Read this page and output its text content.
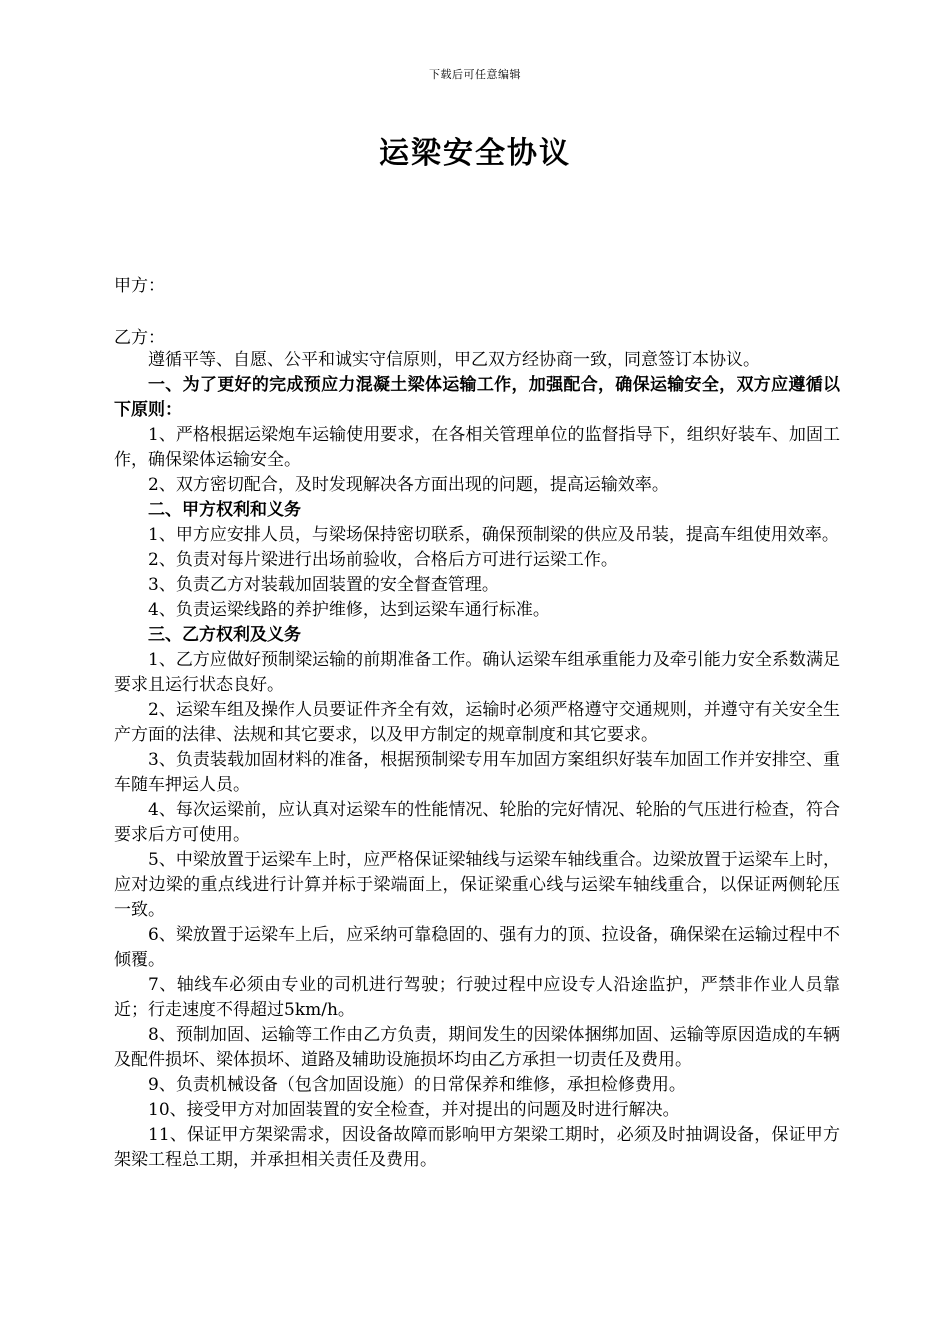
下载后可任意编辑
运梁安全协议
甲方：
乙方：

遵循平等、自愿、公平和诚实守信原则，甲乙双方经协商一致，同意签订本协议。

一、为了更好的完成预应力混凝土梁体运输工作，加强配合，确保运输安全，双方应遵循以下原则：

1、严格根据运梁炮车运输使用要求，在各相关管理单位的监督指导下，组织好装车、加固工作，确保梁体运输安全。

2、双方密切配合，及时发现解决各方面出现的问题，提高运输效率。

二、甲方权利和义务

1、甲方应安排人员，与梁场保持密切联系，确保预制梁的供应及吊装，提高车组使用效率。

2、负责对每片梁进行出场前验收，合格后方可进行运梁工作。

3、负责乙方对装载加固装置的安全督查管理。

4、负责运梁线路的养护维修，达到运梁车通行标准。

三、乙方权利及义务

1、乙方应做好预制梁运输的前期准备工作。确认运梁车组承重能力及牵引能力安全系数满足要求且运行状态良好。

2、运梁车组及操作人员要证件齐全有效，运输时必须严格遵守交通规则，并遵守有关安全生产方面的法律、法规和其它要求，以及甲方制定的规章制度和其它要求。

3、负责装载加固材料的准备，根据预制梁专用车加固方案组织好装车加固工作并安排空、重车随车押运人员。

4、每次运梁前，应认真对运梁车的性能情况、轮胎的完好情况、轮胎的气压进行检查，符合要求后方可使用。

5、中梁放置于运梁车上时，应严格保证梁轴线与运梁车轴线重合。边梁放置于运梁车上时，应对边梁的重点线进行计算并标于梁端面上，保证梁重心线与运梁车轴线重合，以保证两侧轮压一致。

6、梁放置于运梁车上后，应采纳可靠稳固的、强有力的顶、拉设备，确保梁在运输过程中不倾覆。

7、轴线车必须由专业的司机进行驾驶；行驶过程中应设专人沿途监护，严禁非作业人员靠近；行走速度不得超过5km/h。

8、预制加固、运输等工作由乙方负责，期间发生的因梁体捆绑加固、运输等原因造成的车辆及配件损坏、梁体损坏、道路及辅助设施损坏均由乙方承担一切责任及费用。

9、负责机械设备（包含加固设施）的日常保养和维修，承担检修费用。

10、接受甲方对加固装置的安全检查，并对提出的问题及时进行解决。

11、保证甲方架梁需求，因设备故障而影响甲方架梁工期时，必须及时抽调设备，保证甲方架梁工程总工期，并承担相关责任及费用。
